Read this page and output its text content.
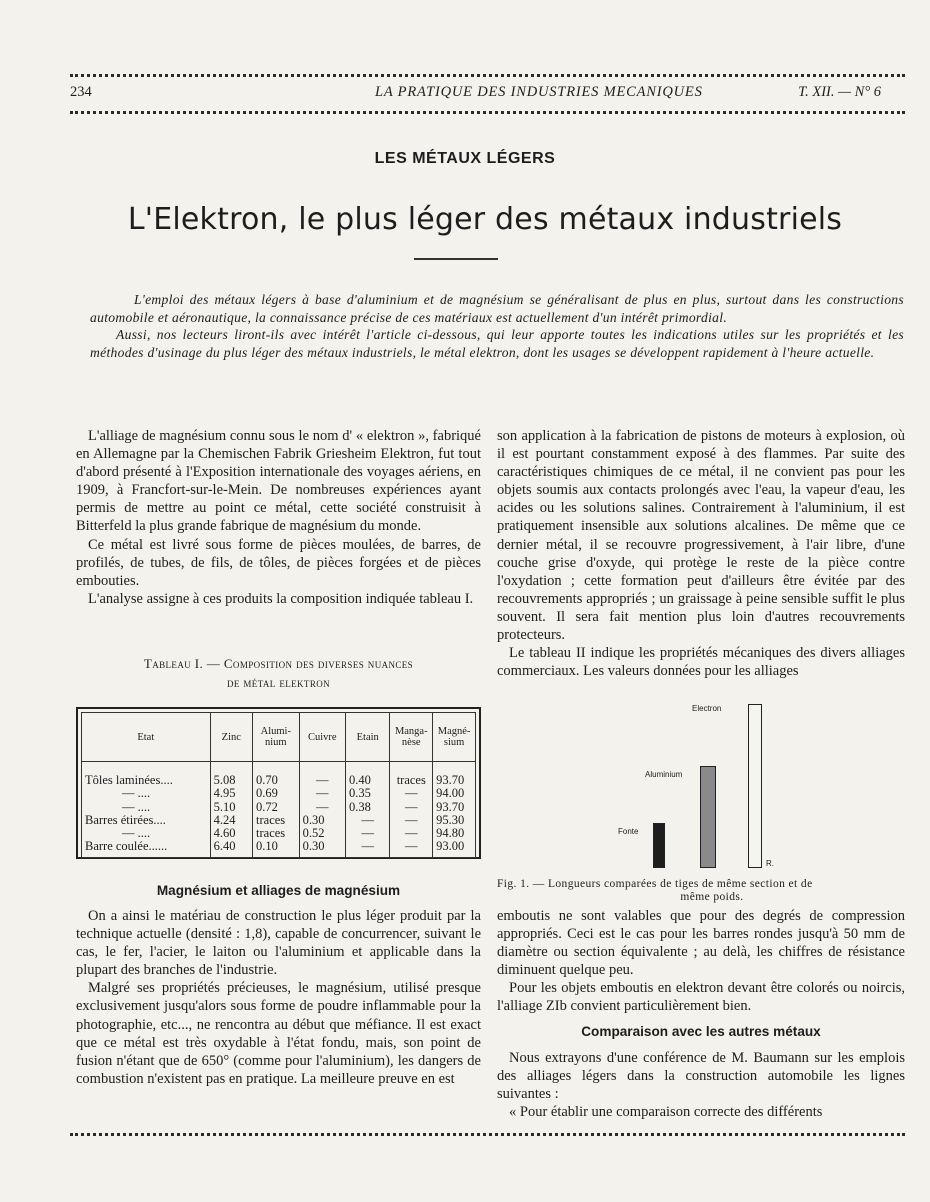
234	LA PRATIQUE DES INDUSTRIES MECANIQUES	T. XII. — N° 6
LES MÉTAUX LÉGERS
L'Elektron, le plus léger des métaux industriels

L'emploi des métaux légers à base d'aluminium et de magnésium se généralisant de plus en plus, surtout dans les constructions automobile et aéronautique, la connaissance précise de ces matériaux est actuellement d'un intérêt primordial.

Aussi, nos lecteurs liront-ils avec intérêt l'article ci-dessous, qui leur apporte toutes les indications utiles sur les propriétés et les méthodes d'usinage du plus léger des métaux industriels, le métal elektron, dont les usages se développent rapidement à l'heure actuelle.

L'alliage de magnésium connu sous le nom d' « elektron », fabriqué en Allemagne par la Chemischen Fabrik Griesheim Elektron, fut tout d'abord présenté à l'Exposition internationale des voyages aériens, en 1909, à Francfort-sur-le-Mein. De nombreuses expériences ayant permis de mettre au point ce métal, cette société construisit à Bitterfeld la plus grande fabrique de magnésium du monde.

Ce métal est livré sous forme de pièces moulées, de barres, de profilés, de tubes, de fils, de tôles, de pièces forgées et de pièces embouties.

L'analyse assigne à ces produits la composition indiquée tableau I.

Tableau I. — Composition des diverses nuances
de métal elektron
Etat	Zinc	Alumi-nium	Cuivre	Etain	Manga-nèse	Magné-sium
Tôles laminées....	5.08	0.70	—	0.40	traces	93.70
— ....	4.95	0.69	—	0.35	—	94.00
— ....	5.10	0.72	—	0.38	—	93.70
Barres étirées....	4.24	traces	0.30	—	—	95.30
— ....	4.60	traces	0.52	—	—	94.80
Barre coulée......	6.40	0.10	0.30	—	—	93.00
Magnésium et alliages de magnésium

On a ainsi le matériau de construction le plus léger produit par la technique actuelle (densité : 1,8), capable de concurrencer, suivant le cas, le fer, l'acier, le laiton ou l'aluminium et applicable dans la plupart des branches de l'industrie.

Malgré ses propriétés précieuses, le magnésium, utilisé presque exclusivement jusqu'alors sous forme de poudre inflammable pour la photographie, etc..., ne rencontra au début que méfiance. Il est exact que ce métal est très oxydable à l'état fondu, mais, son point de fusion n'étant que de 650° (comme pour l'aluminium), les dangers de combustion n'existent pas en pratique. La meilleure preuve en est

son application à la fabrication de pistons de moteurs à explosion, où il est pourtant constamment exposé à des flammes. Par suite des caractéristiques chimiques de ce métal, il ne convient pas pour les objets soumis aux contacts prolongés avec l'eau, la vapeur d'eau, les acides ou les solutions salines. Contrairement à l'aluminium, il est pratiquement insensible aux solutions alcalines. De même que ce dernier métal, il se recouvre progressivement, à l'air libre, d'une couche grise d'oxyde, qui protège le reste de la pièce contre l'oxydation ; cette formation peut d'ailleurs être évitée par des recouvrements appropriés ; un graissage à peine sensible suffit le plus souvent. Il sera fait mention plus loin d'autres recouvrements protecteurs.

Le tableau II indique les propriétés mécaniques des divers alliages commerciaux. Les valeurs données pour les alliages

Electron
Aluminium
Fonte
R.
Fig. 1. — Longueurs comparées de tiges de même section et de
même poids.

emboutis ne sont valables que pour des degrés de compression appropriés. Ceci est le cas pour les barres rondes jusqu'à 50 mm de diamètre ou section équivalente ; au delà, les chiffres de résistance diminuent quelque peu.

Pour les objets emboutis en elektron devant être colorés ou noircis, l'alliage ZIb convient particulièrement bien.

Comparaison avec les autres métaux

Nous extrayons d'une conférence de M. Baumann sur les emplois des alliages légers dans la construction automobile les lignes suivantes :

« Pour établir une comparaison correcte des différents
